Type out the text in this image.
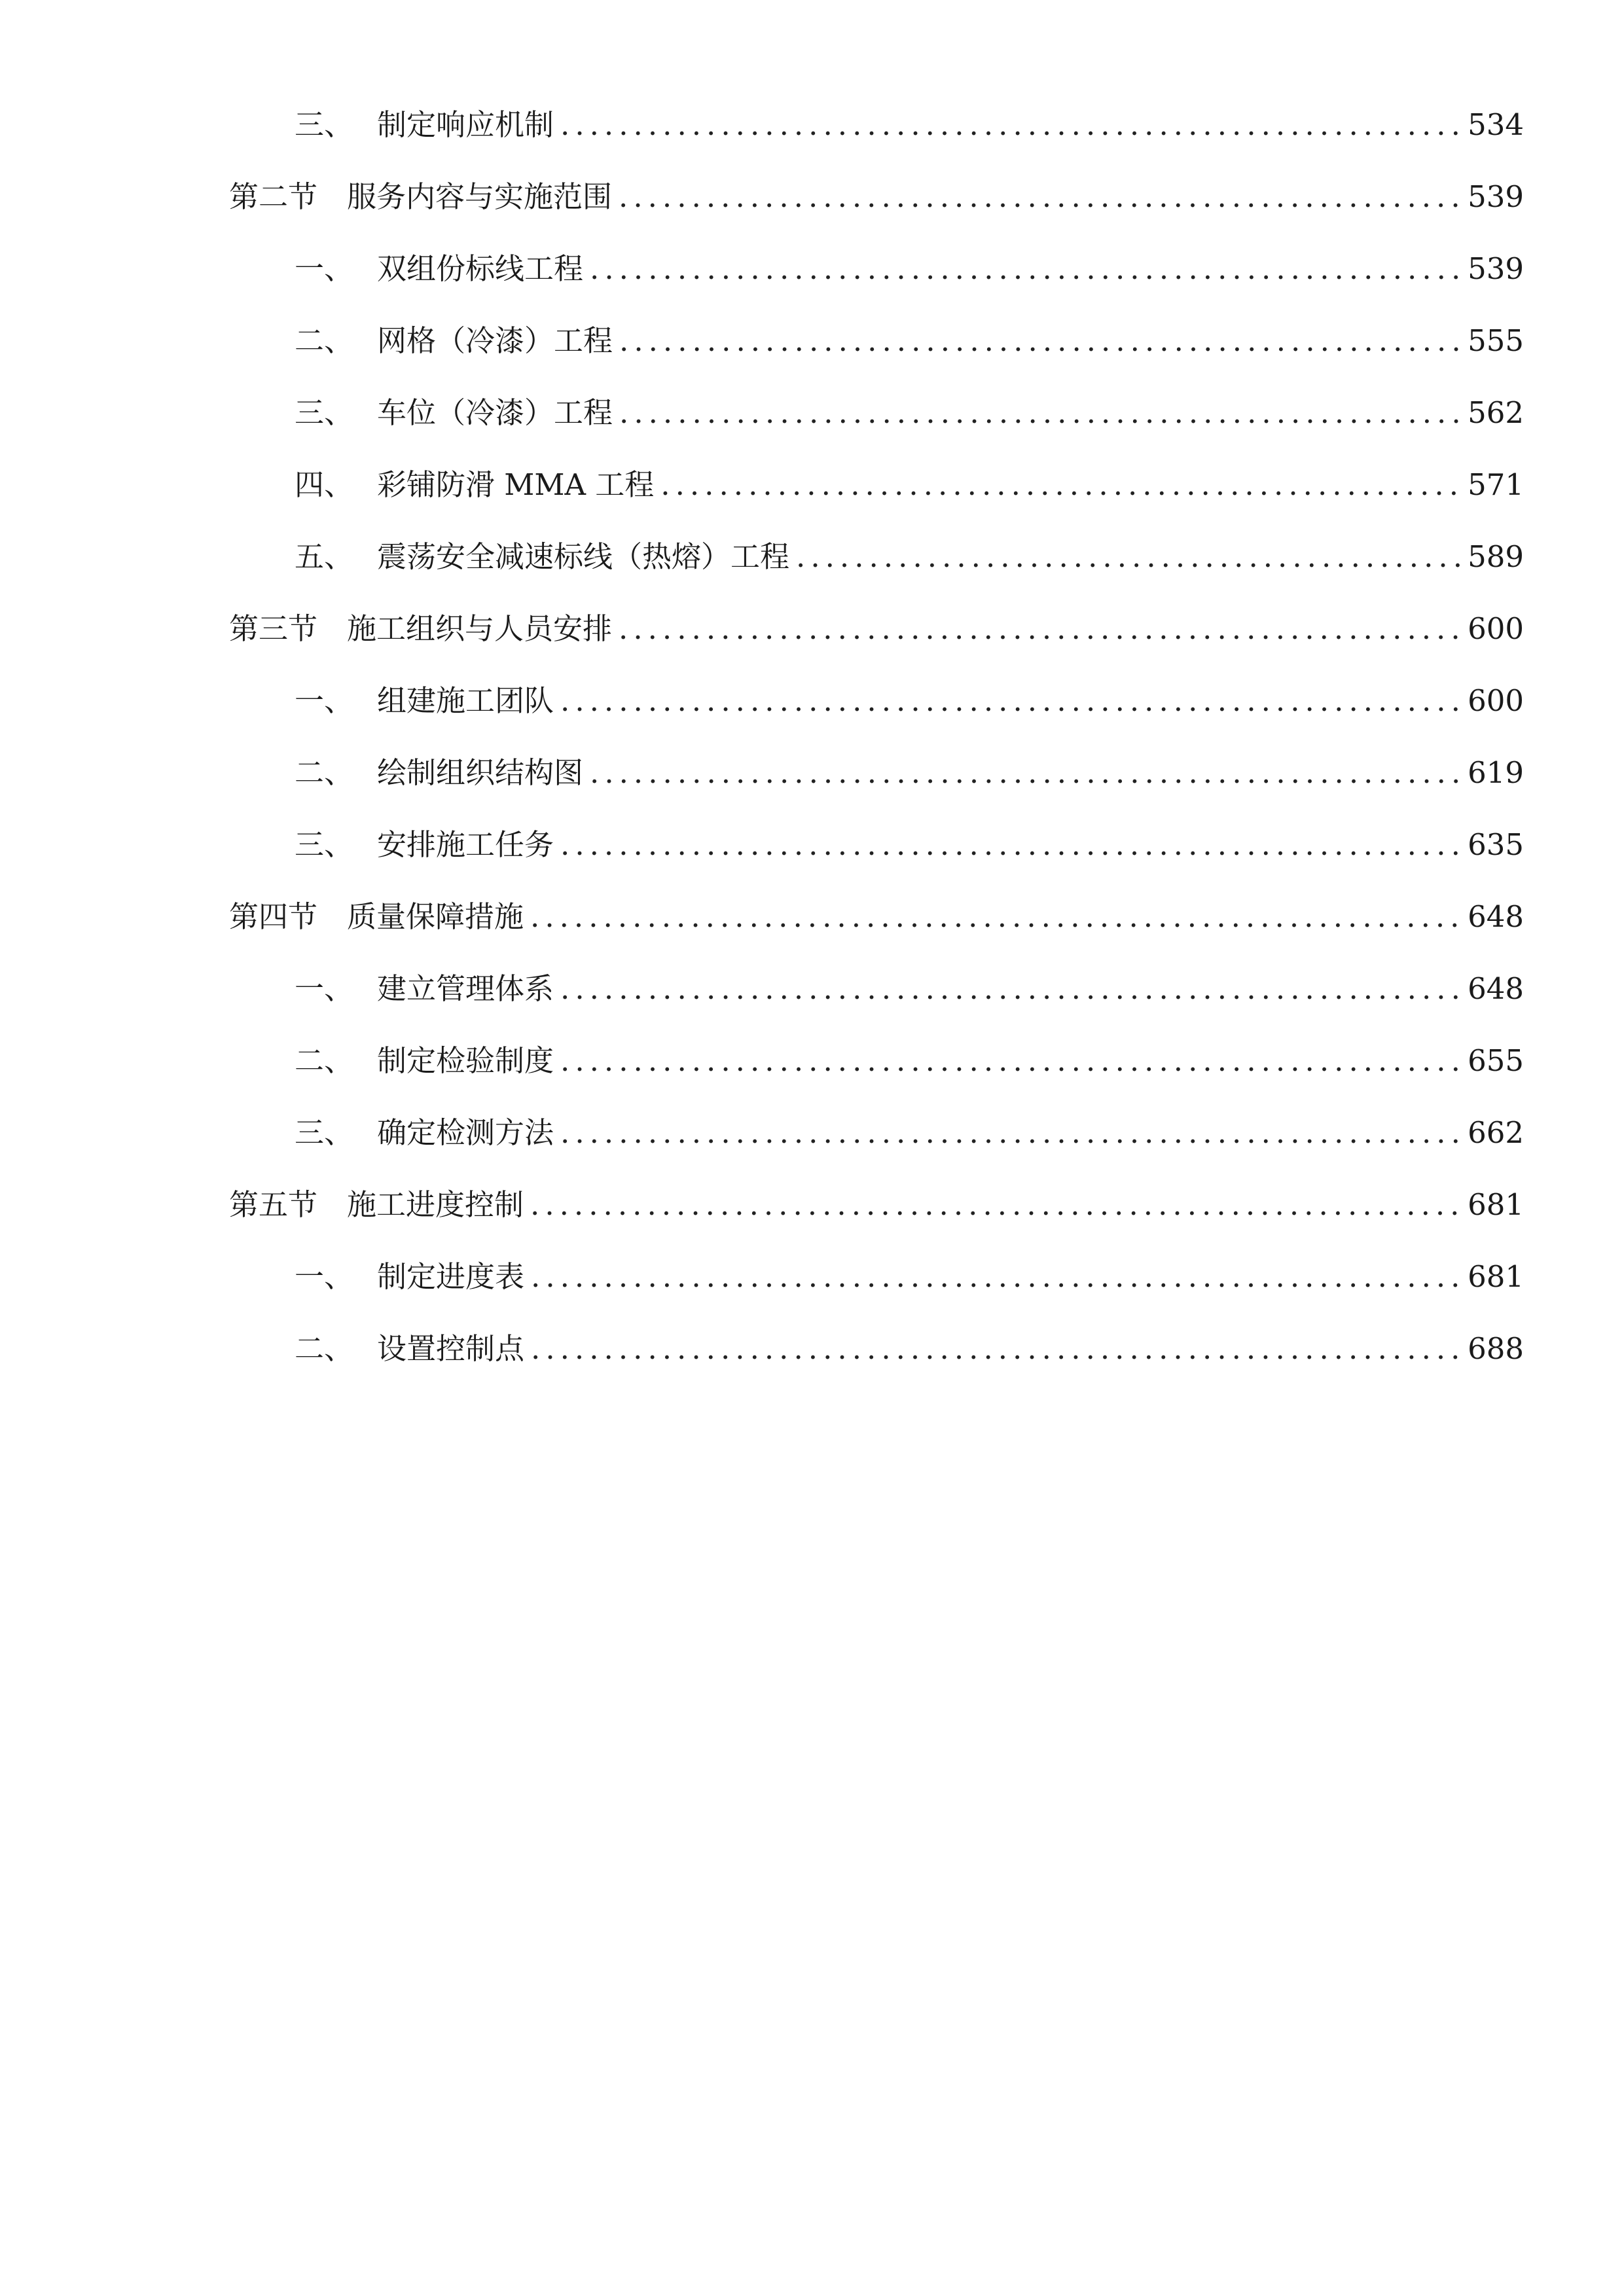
三、 制定响应机制 .....	534
第二节 服务内容与实施范围 .....	539
一、 双组份标线工程 .....	539
二、 网格（冷漆）工程 .....	555
三、 车位（冷漆）工程 .....	562
四、 彩铺防滑 MMA 工程 .....	571
五、 震荡安全减速标线（热熔）工程 .....	589
第三节 施工组织与人员安排 .....	600
一、 组建施工团队 .....	600
二、 绘制组织结构图 .....	619
三、 安排施工任务 .....	635
第四节 质量保障措施 .....	648
一、 建立管理体系 .....	648
二、 制定检验制度 .....	655
三、 确定检测方法 .....	662
第五节 施工进度控制 .....	681
一、 制定进度表 .....	681
二、 设置控制点 .....	688
